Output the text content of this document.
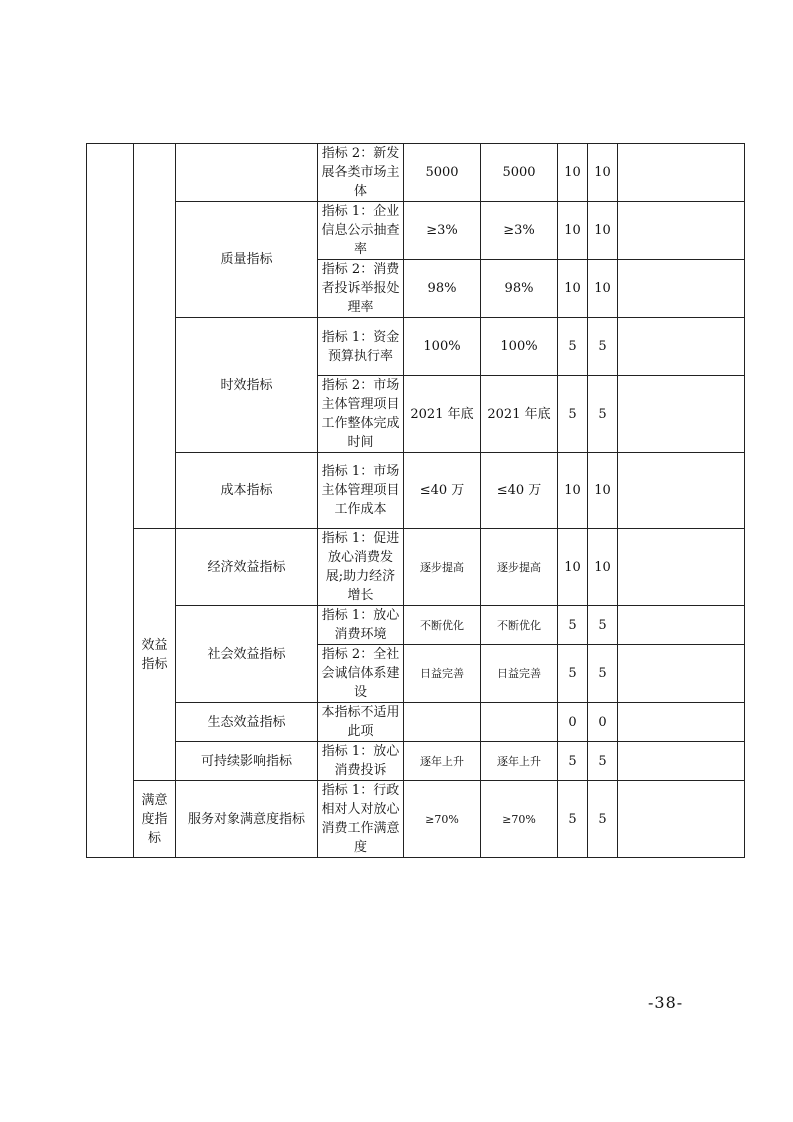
			指标 2：新发展各类市场主体	5000	5000	10	10	
		质量指标	指标 1：企业信息公示抽查率	≥3%	≥3%	10	10	
			指标 2：消费者投诉举报处理率	98%	98%	10	10	
		时效指标	指标 1：资金预算执行率	100%	100%	5	5	
			指标 2：市场主体管理项目工作整体完成时间	2021 年底	2021 年底	5	5	
		成本指标	指标 1：市场主体管理项目工作成本	≤40 万	≤40 万	10	10	
	效益指标	经济效益指标	指标 1：促进放心消费发展;助力经济增长	逐步提高	逐步提高	10	10	
		社会效益指标	指标 1：放心消费环境	不断优化	不断优化	5	5	
			指标 2：全社会诚信体系建设	日益完善	日益完善	5	5	
		生态效益指标	本指标不适用此项			0	0	
		可持续影响指标	指标 1：放心消费投诉	逐年上升	逐年上升	5	5	
	满意度指标	服务对象满意度指标	指标 1：行政相对人对放心消费工作满意度	≥70%	≥70%	5	5	
-38-
